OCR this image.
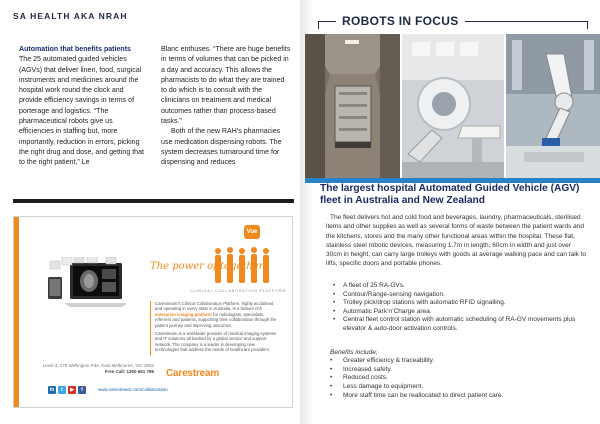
SA HEALTH AKA NRAH

Automation that benefits patients

The 25 automated guided vehicles (AGVs) that deliver linen, food, surgical instruments and medicines around the hospital work round the clock and provide efficiency savings in terms of porterage and logistics. “The pharmaceutical robots give us efficiencies in staffing but, more importantly, reduction in errors, picking the right drug and dose, and getting that to the right patient,” Le

Blanc enthuses. “There are huge benefits in terms of volumes that can be picked in a day and accuracy. This allows the pharmacists to do what they are trained to do which is to consult with the clinicians on treatment and medical outcomes rather than process-based tasks.”

Both of the new RAH’s pharmacies use medication dispensing robots. The system decreases turnaround time for dispensing and reduces

Vue
The power of together
CLINICAL COLLABORATION PLATFORM

Carestream’s Clinical Collaboration Platform, highly acclaimed and operating in every state in Australia, is a feature rich enterprise imaging platform for radiologists, specialists, referrers and patients, supporting their collaboration through the patient journey and improving outcomes.

Carestream is a worldwide provider of medical imaging systems and IT solutions all backed by a global service and support network. The company is a leader in developing new technologies that address the needs of healthcare providers.

Level 3, 176 Wellington Pde, East Melbourne, VIC 3002
Free Call: 1300 651 786 Carestream
in	t	▶	f	www.carestream.com/collaboration
ROBOTS IN FOCUS
The largest hospital Automated Guided Vehicle (AGV) fleet in Australia and New Zealand

The fleet delivers hot and cold food and beverages, laundry, pharmaceuticals, sterilised items and other supplies as well as several forms of waste between the patient wards and the kitchens, stores and the many other functional areas within the hospital. These flat, stainless steel robotic devices, measuring 1.7m in length, 60cm in width and just over 30cm in height, can carry large trolleys with goods at average walking pace and can talk to lifts, specific doors and portable phones.

• A fleet of 25 RA-GVs.
• Contour/Range-sensing navigation.
• Trolley pick/drop stations with automatic RFID signalling.
• Automatic Park’n’Charge area.
• Central fleet control station with automatic scheduling of RA-GV movements plus elevator & auto-door activation controls.
Benefits include;
• Greater efficiency & traceability.
• Increased safety.
• Reduced costs.
• Less damage to equipment.
• More staff time can be reallocated to direct patient care.
